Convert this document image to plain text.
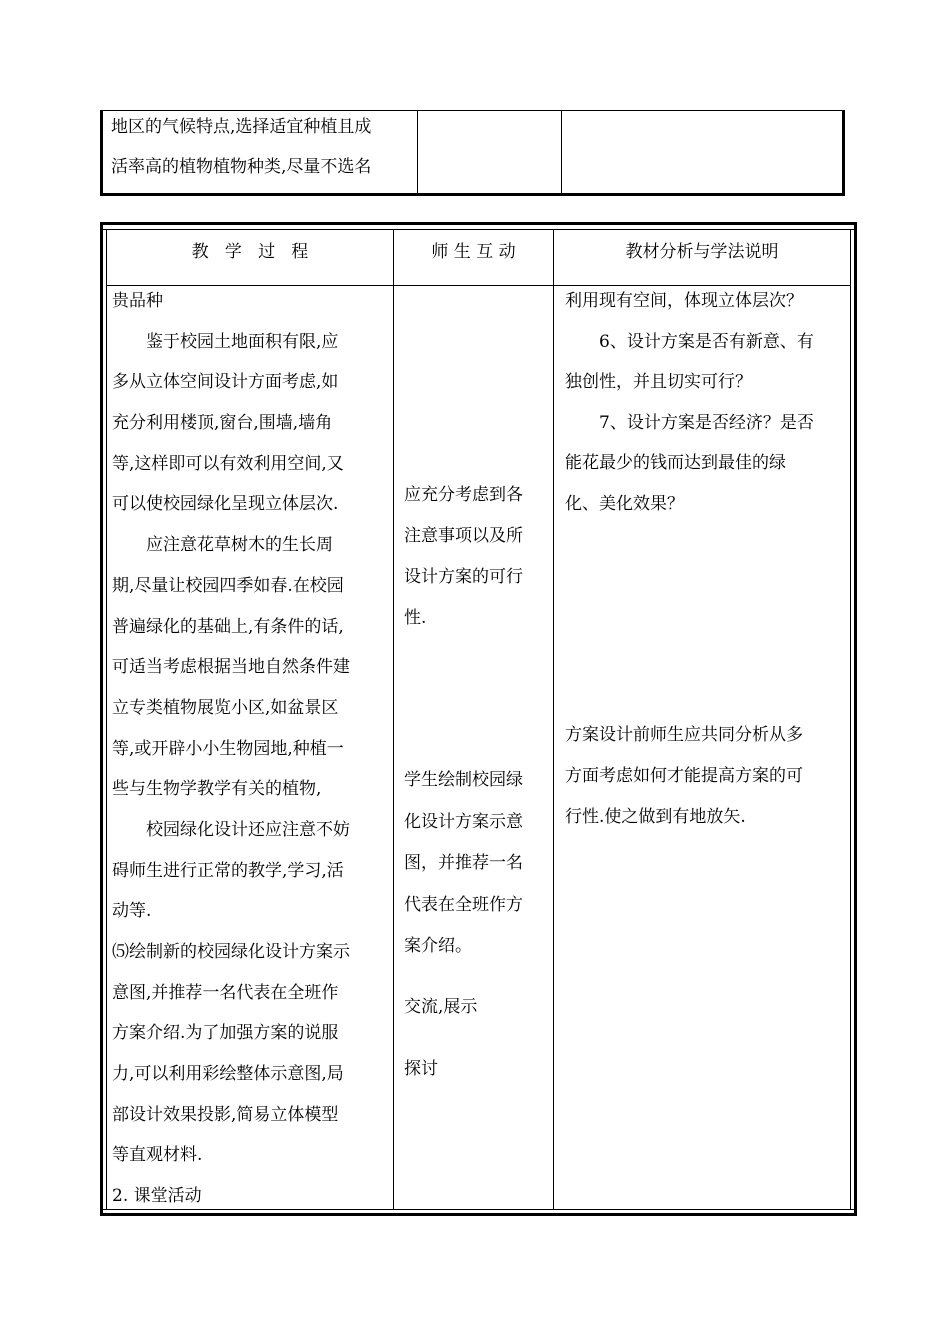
地区的气候特点,选择适宜种植且成
活率高的植物植物种类,尽量不选名
教   学   过   程	师 生 互 动	教材分析与学法说明
贵品种
　　鉴于校园土地面积有限,应
多从立体空间设计方面考虑,如
充分利用楼顶,窗台,围墙,墙角
等,这样即可以有效利用空间,又
可以使校园绿化呈现立体层次.
　　应注意花草树木的生长周
期,尽量让校园四季如春.在校园
普遍绿化的基础上,有条件的话,
可适当考虑根据当地自然条件建
立专类植物展览小区,如盆景区
等,或开辟小小生物园地,种植一
些与生物学教学有关的植物,
　　校园绿化设计还应注意不妨
碍师生进行正常的教学,学习,活
动等.
⑸绘制新的校园绿化设计方案示
意图,并推荐一名代表在全班作
方案介绍.为了加强方案的说服
力,可以利用彩绘整体示意图,局
部设计效果投影,简易立体模型
等直观材料.
2. 课堂活动
应充分考虑到各
注意事项以及所
设计方案的可行
性.
学生绘制校园绿
化设计方案示意
图，并推荐一名
代表在全班作方
案介绍。
交流,展示
探讨
利用现有空间，体现立体层次？
　　6、设计方案是否有新意、有
独创性，并且切实可行？
　　7、设计方案是否经济？是否
能花最少的钱而达到最佳的绿
化、美化效果？
方案设计前师生应共同分析从多
方面考虑如何才能提高方案的可
行性.使之做到有地放矢.
